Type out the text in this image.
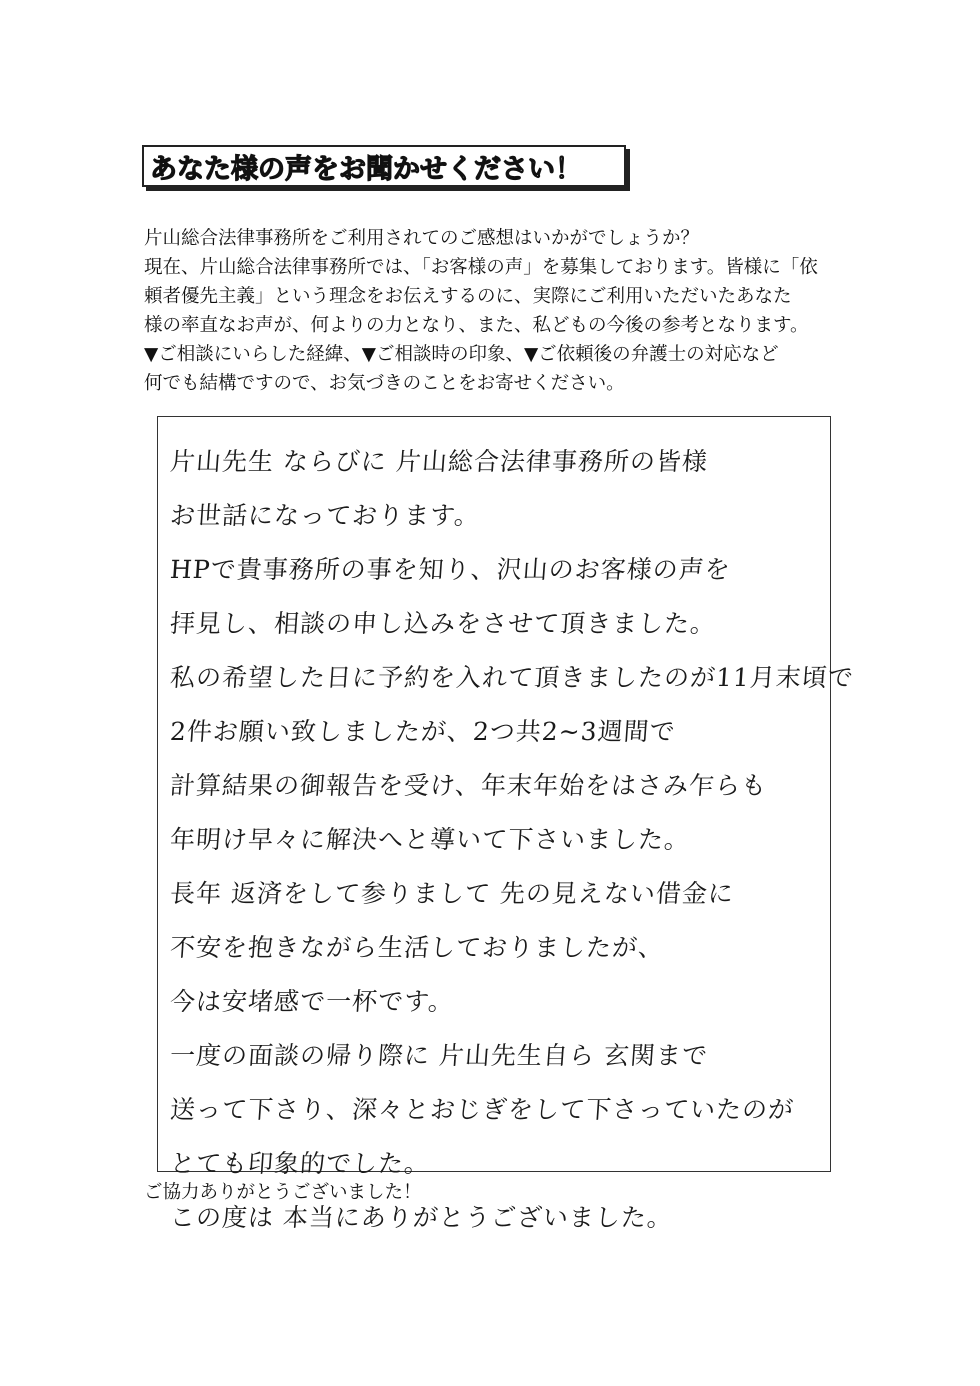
あなた様の声をお聞かせください！
片山総合法律事務所をご利用されてのご感想はいかがでしょうか？
現在、片山総合法律事務所では、「お客様の声」を募集しております。皆様に「依
頼者優先主義」という理念をお伝えするのに、実際にご利用いただいたあなた
様の率直なお声が、何よりの力となり、また、私どもの今後の参考となります。
▼ご相談にいらした経緯、▼ご相談時の印象、▼ご依頼後の弁護士の対応など
何でも結構ですので、お気づきのことをお寄せください。
片山先生 ならびに 片山総合法律事務所の皆様
お世話になっております。
HPで貴事務所の事を知り、沢山のお客様の声を
拝見し、相談の申し込みをさせて頂きました。
私の希望した日に予約を入れて頂きましたのが11月末頃で
2件お願い致しましたが、2つ共2~3週間で
計算結果の御報告を受け、年末年始をはさみ乍らも
年明け早々に解決へと導いて下さいました。
長年 返済をして参りまして 先の見えない借金に
不安を抱きながら生活しておりましたが、
今は安堵感で一杯です。
一度の面談の帰り際に 片山先生自ら 玄関まで
送って下さり、深々とおじぎをして下さっていたのが
とても印象的でした。
この度は 本当にありがとうございました。
ご協力ありがとうございました！
